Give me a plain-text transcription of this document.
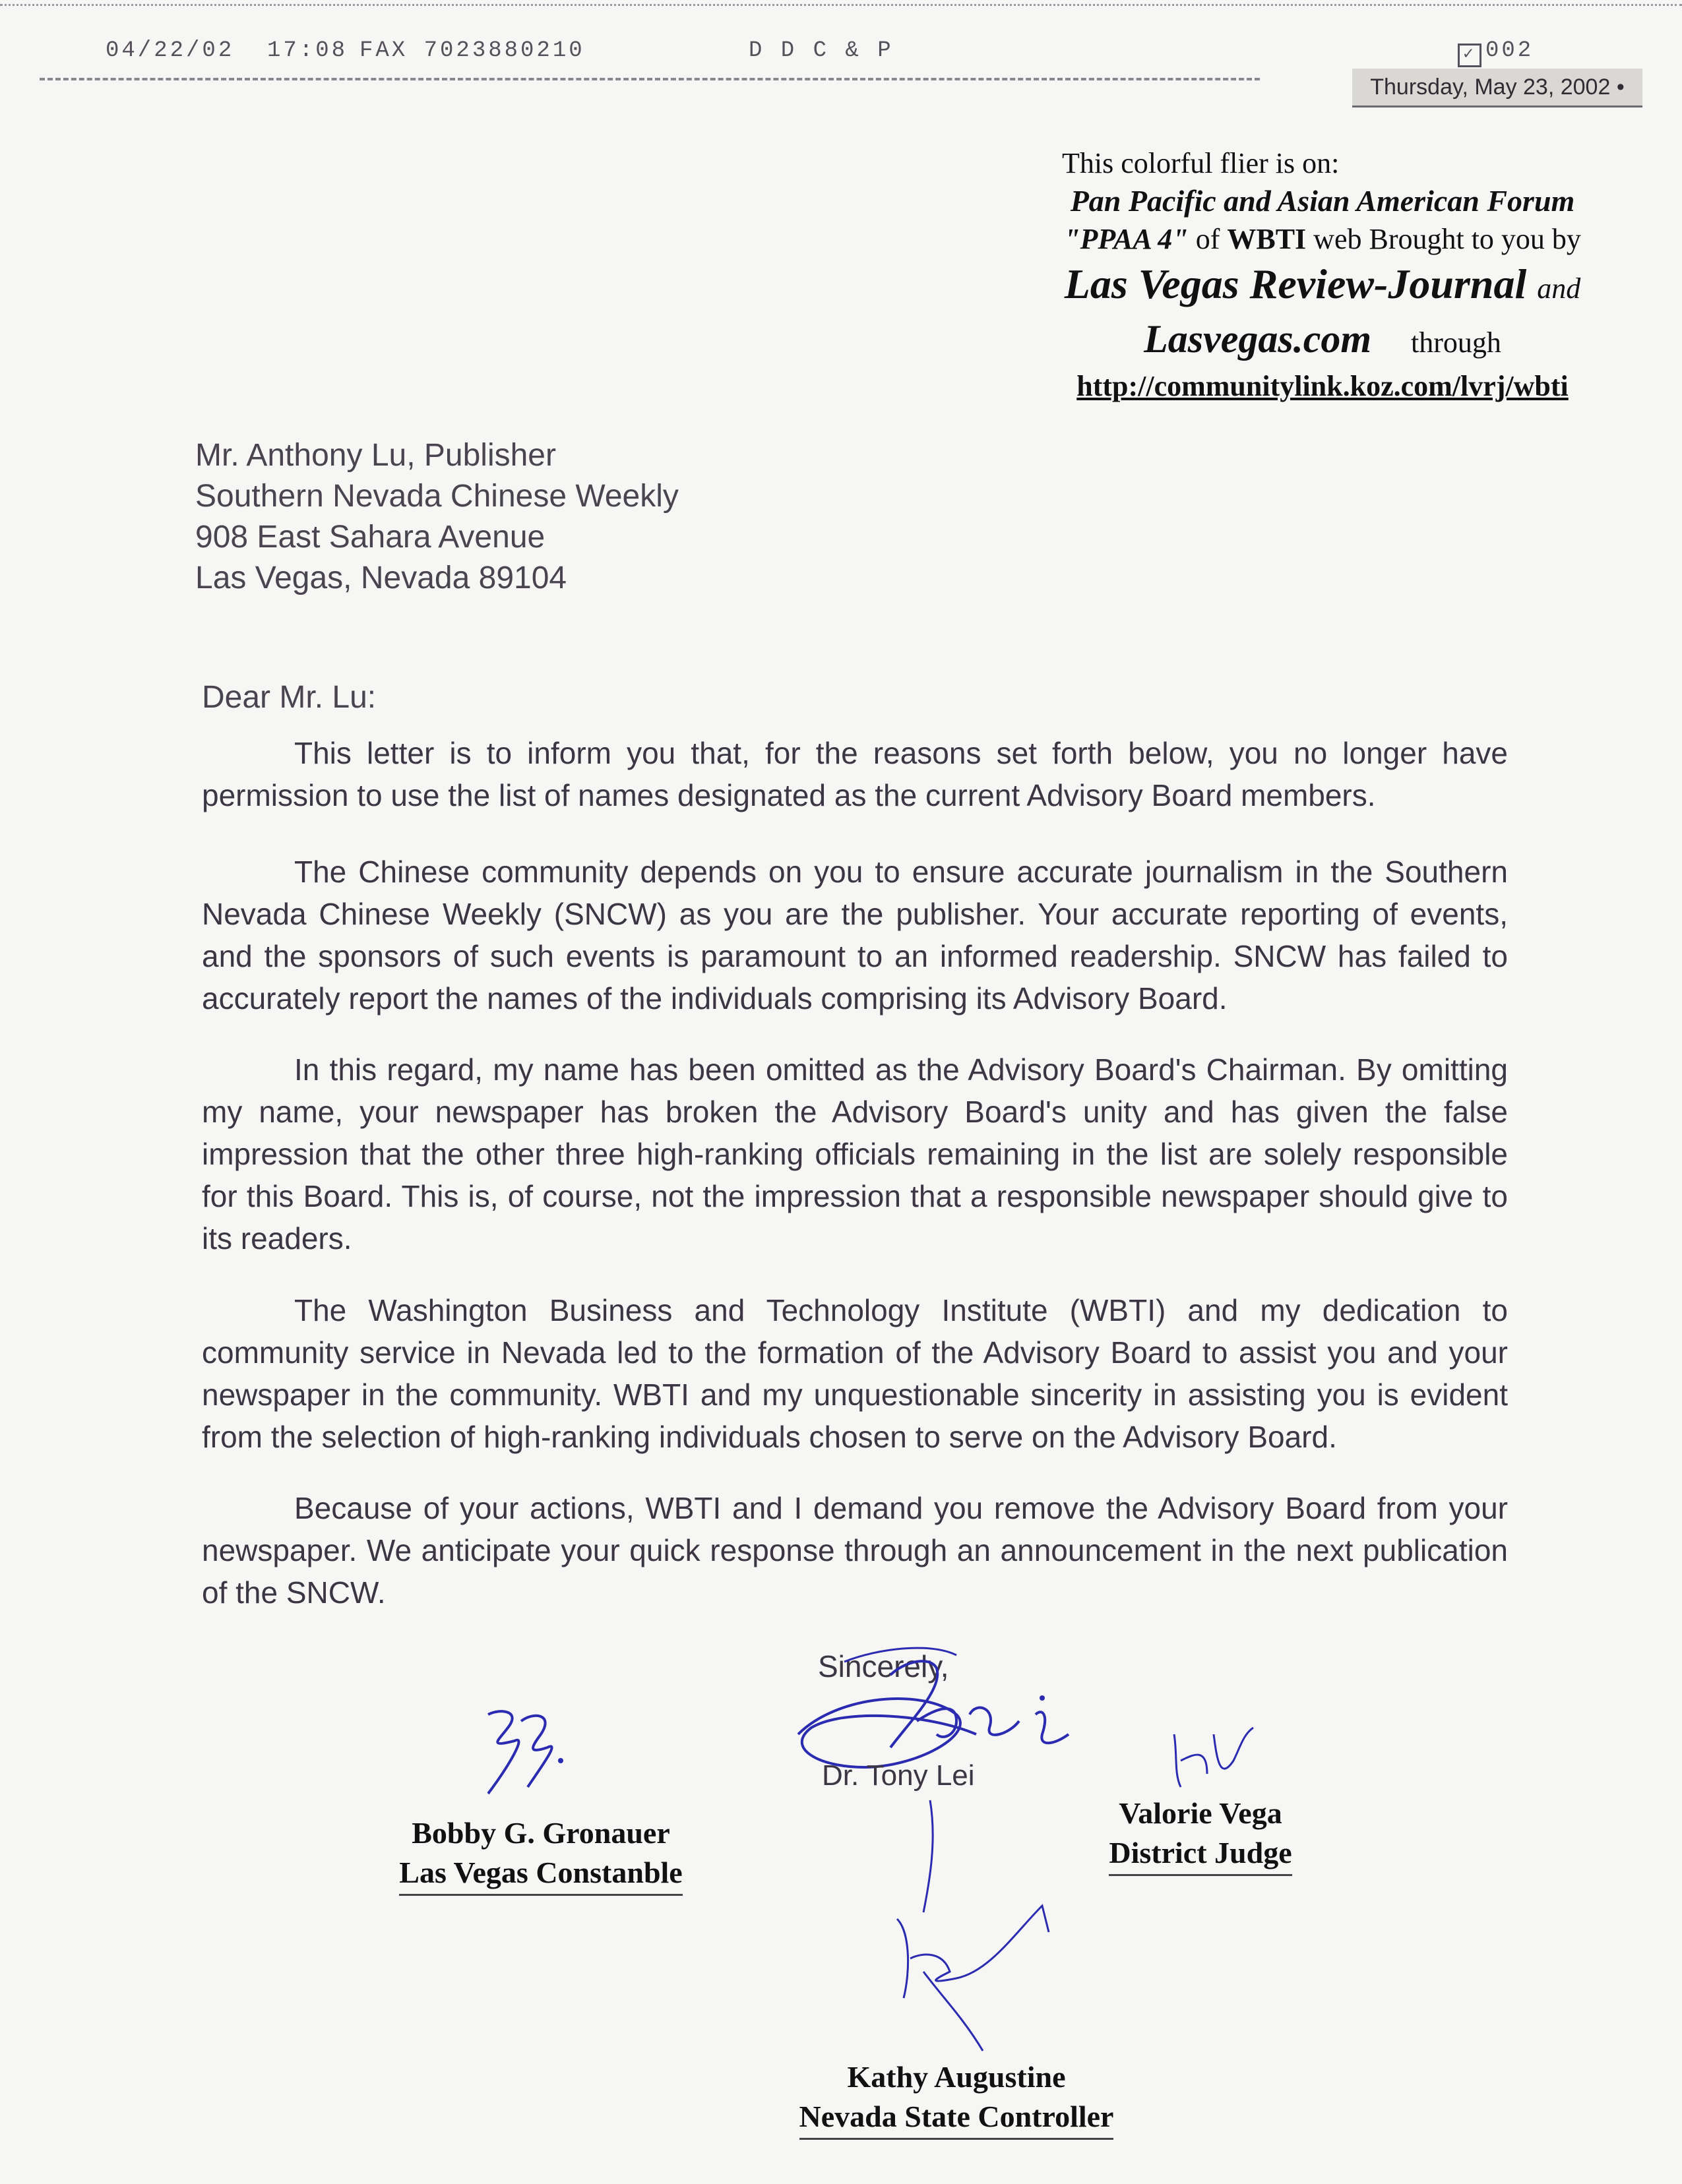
04/22/02 17:08 FAX 7023880210	D D C & P	✓ 002
Thursday, May 23, 2002 •
This colorful flier is on:
Pan Pacific and Asian American Forum
"PPAA 4" of WBTI web Brought to you by
Las Vegas Review-Journal and
Lasvegas.com through
http://communitylink.koz.com/lvrj/wbti
Mr. Anthony Lu, Publisher
Southern Nevada Chinese Weekly
908 East Sahara Avenue
Las Vegas, Nevada 89104
Dear Mr. Lu:
This letter is to inform you that, for the reasons set forth below, you no longer have permission to use the list of names designated as the current Advisory Board members.
The Chinese community depends on you to ensure accurate journalism in the Southern Nevada Chinese Weekly (SNCW) as you are the publisher. Your accurate reporting of events, and the sponsors of such events is paramount to an informed readership. SNCW has failed to accurately report the names of the individuals comprising its Advisory Board.
In this regard, my name has been omitted as the Advisory Board's Chairman. By omitting my name, your newspaper has broken the Advisory Board's unity and has given the false impression that the other three high-ranking officials remaining in the list are solely responsible for this Board. This is, of course, not the impression that a responsible newspaper should give to its readers.
The Washington Business and Technology Institute (WBTI) and my dedication to community service in Nevada led to the formation of the Advisory Board to assist you and your newspaper in the community. WBTI and my unquestionable sincerity in assisting you is evident from the selection of high-ranking individuals chosen to serve on the Advisory Board.
Because of your actions, WBTI and I demand you remove the Advisory Board from your newspaper. We anticipate your quick response through an announcement in the next publication of the SNCW.
Sincerely,
Dr. Tony Lei
Bobby G. Gronauer
Las Vegas Constanble
Valorie Vega
District Judge
Kathy Augustine
Nevada State Controller
